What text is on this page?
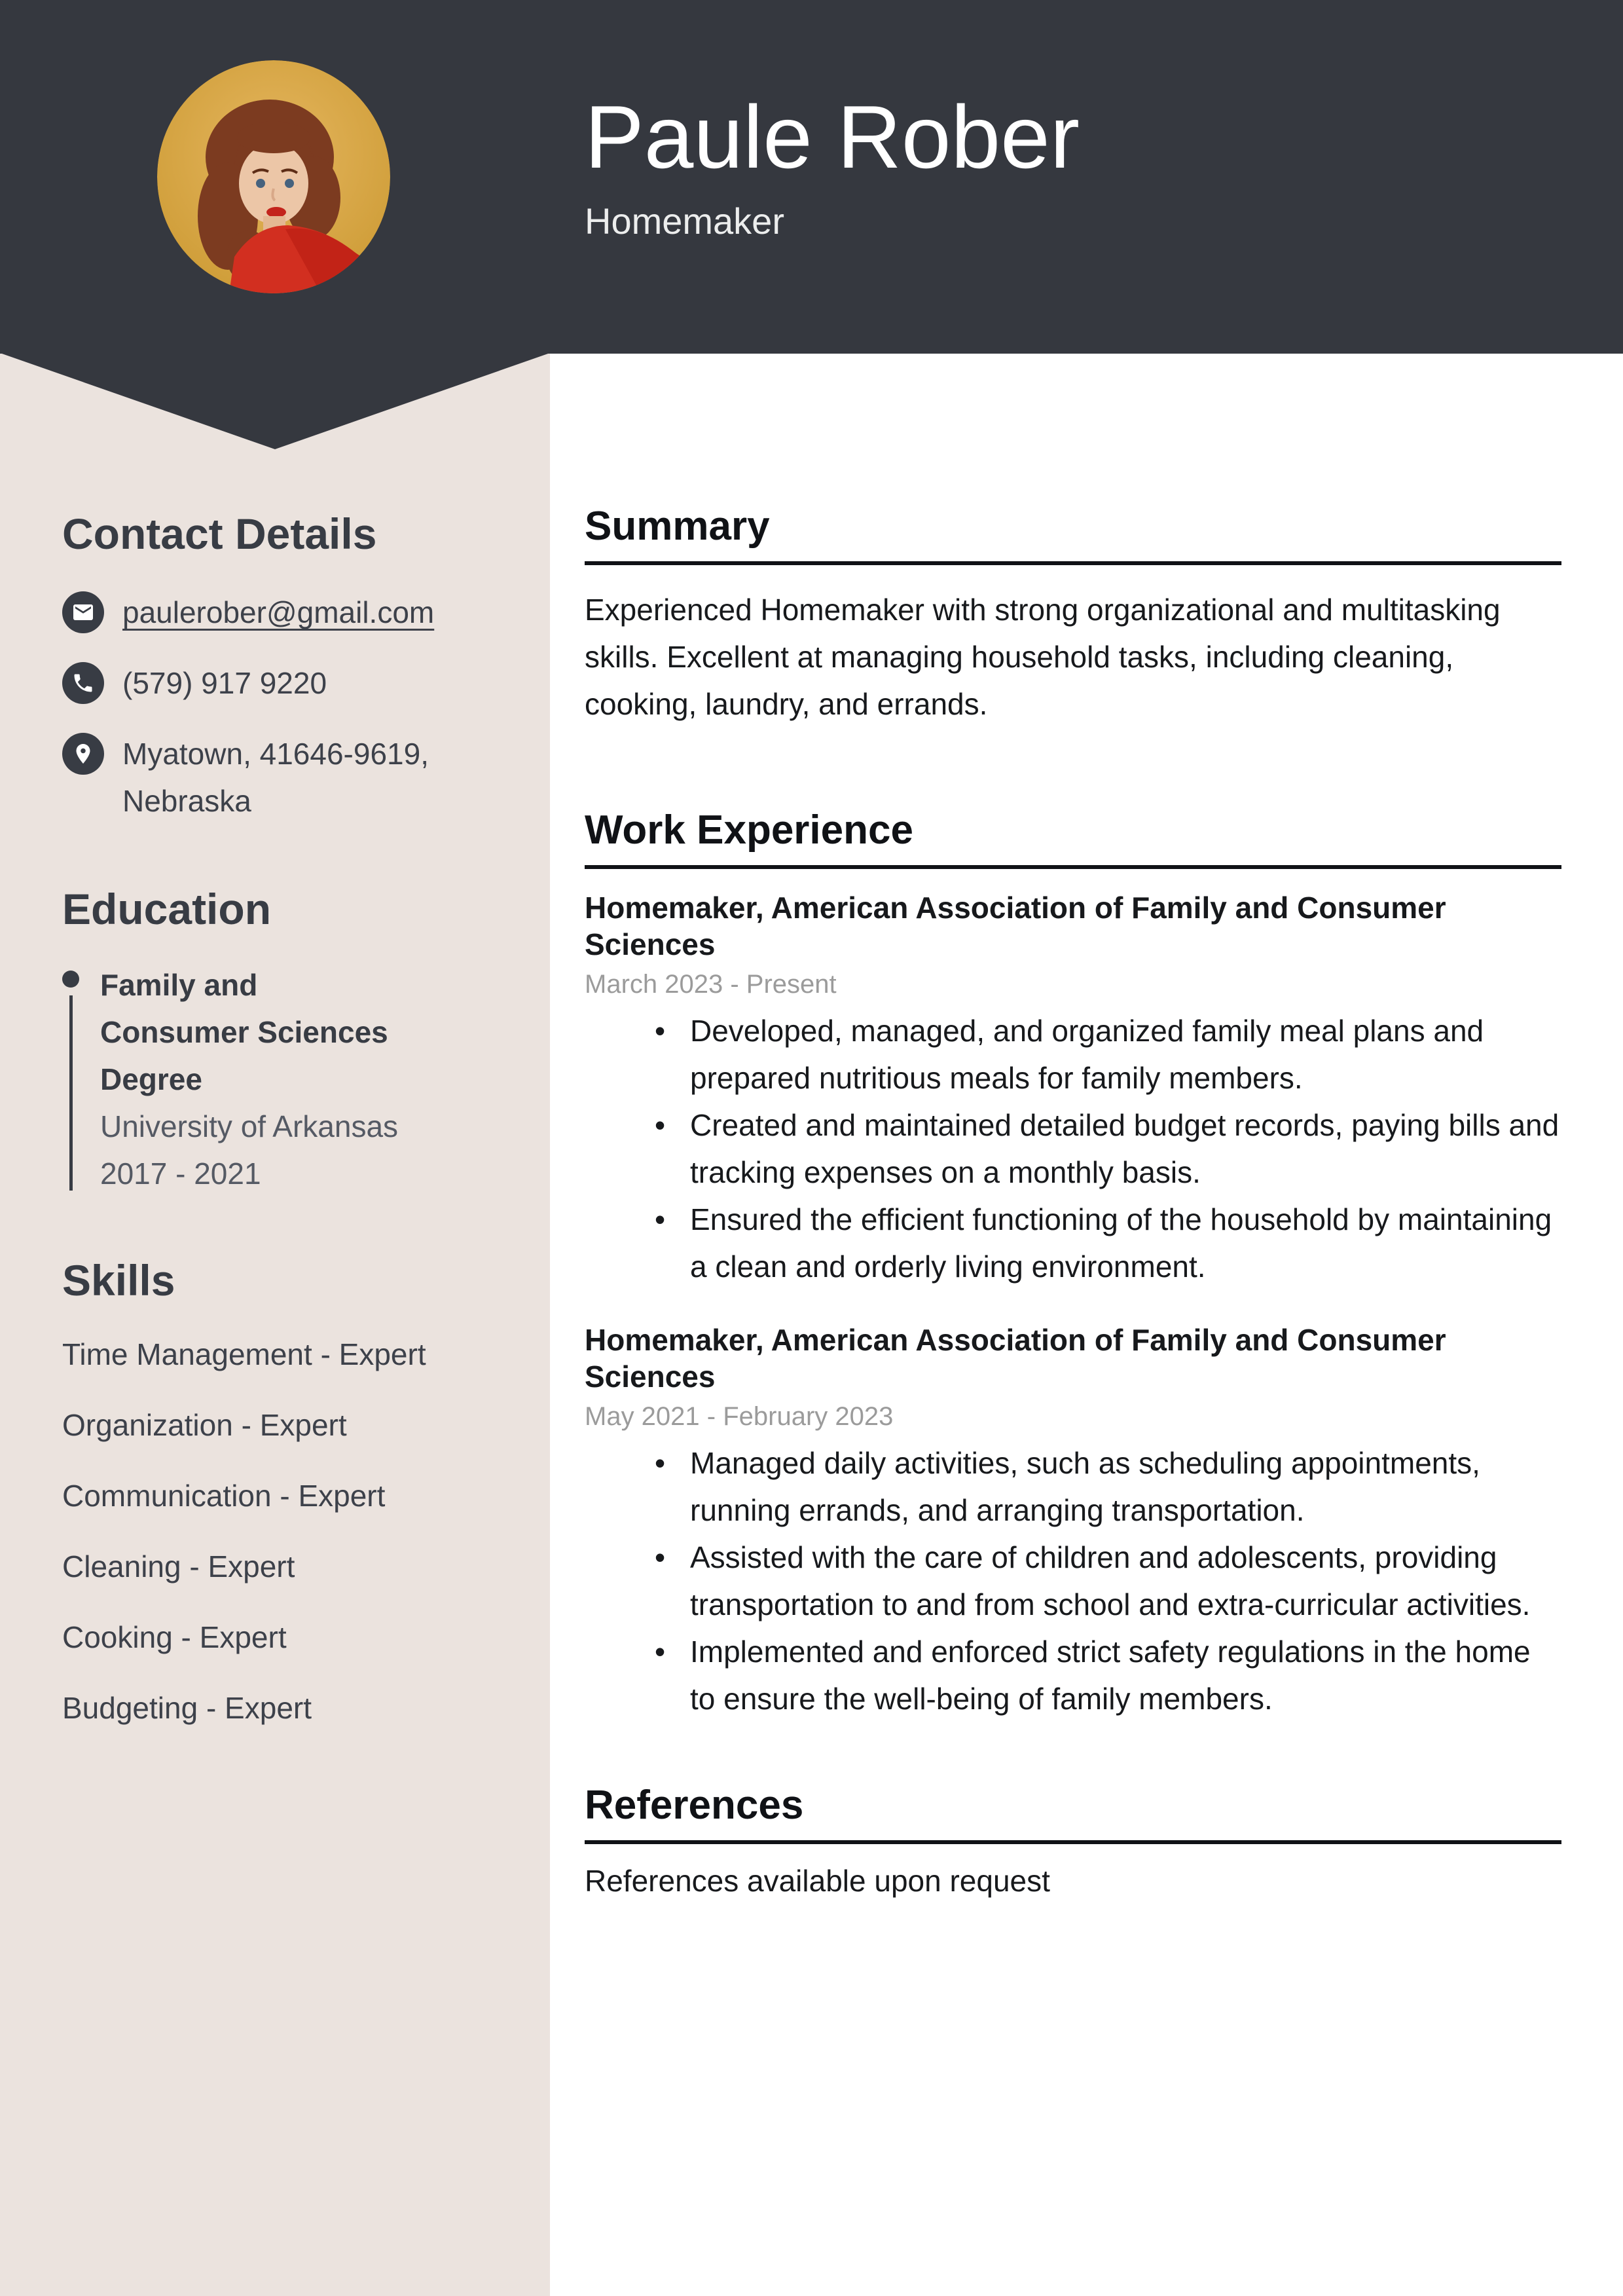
Paule Rober
Homemaker
Contact Details
paulerober@gmail.com
(579) 917 9220
Myatown, 41646-9619,
Nebraska
Education
Family and Consumer Sciences Degree
University of Arkansas
2017 - 2021
Skills
Time Management - Expert
Organization - Expert
Communication - Expert
Cleaning - Expert
Cooking - Expert
Budgeting - Expert
Summary

Experienced Homemaker with strong organizational and multitasking skills. Excellent at managing household tasks, including cleaning, cooking, laundry, and errands.

Work Experience
Homemaker, American Association of Family and Consumer Sciences
March 2023 - Present
• Developed, managed, and organized family meal plans and prepared nutritious meals for family members.
• Created and maintained detailed budget records, paying bills and tracking expenses on a monthly basis.
• Ensured the efficient functioning of the household by maintaining a clean and orderly living environment.
Homemaker, American Association of Family and Consumer Sciences
May 2021 - February 2023
• Managed daily activities, such as scheduling appointments, running errands, and arranging transportation.
• Assisted with the care of children and adolescents, providing transportation to and from school and extra-curricular activities.
• Implemented and enforced strict safety regulations in the home to ensure the well-being of family members.
References

References available upon request
